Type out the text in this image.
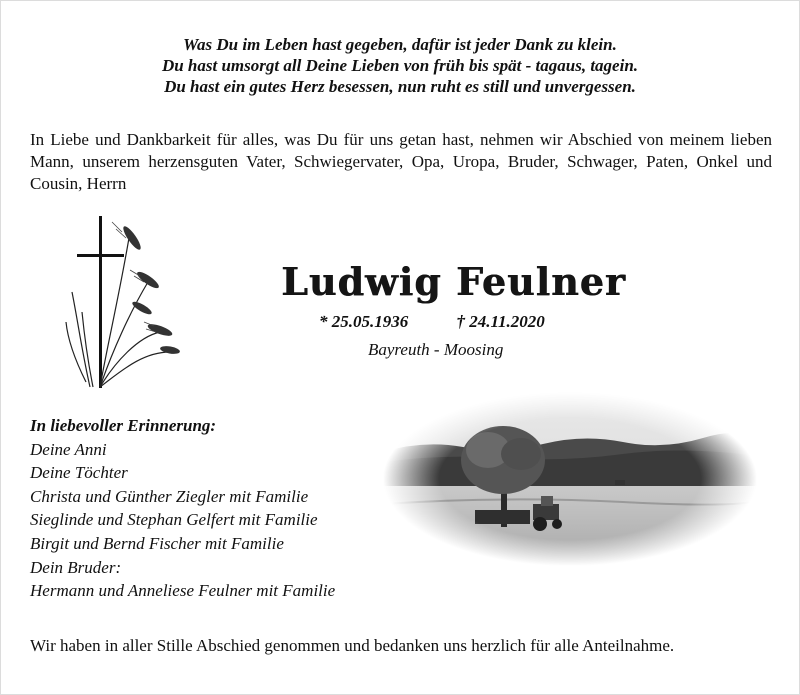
Was Du im Leben hast gegeben, dafür ist jeder Dank zu klein.
Du hast umsorgt all Deine Lieben von früh bis spät - tagaus, tagein.
Du hast ein gutes Herz besessen, nun ruht es still und unvergessen.
In Liebe und Dankbarkeit für alles, was Du für uns getan hast, nehmen wir Abschied von meinem lieben Mann, unserem herzensguten Vater, Schwiegervater, Opa, Uropa, Bruder, Schwager, Paten, Onkel und Cousin, Herrn
Ludwig Feulner
* 25.05.1936	† 24.11.2020
Bayreuth - Moosing
In liebevoller Erinnerung:
Deine Anni
Deine Töchter
Christa und Günther Ziegler mit Familie
Sieglinde und Stephan Gelfert mit Familie
Birgit und Bernd Fischer mit Familie
Dein Bruder:
Hermann und Anneliese Feulner mit Familie
Wir haben in aller Stille Abschied genommen und bedanken uns herzlich für alle Anteilnahme.
